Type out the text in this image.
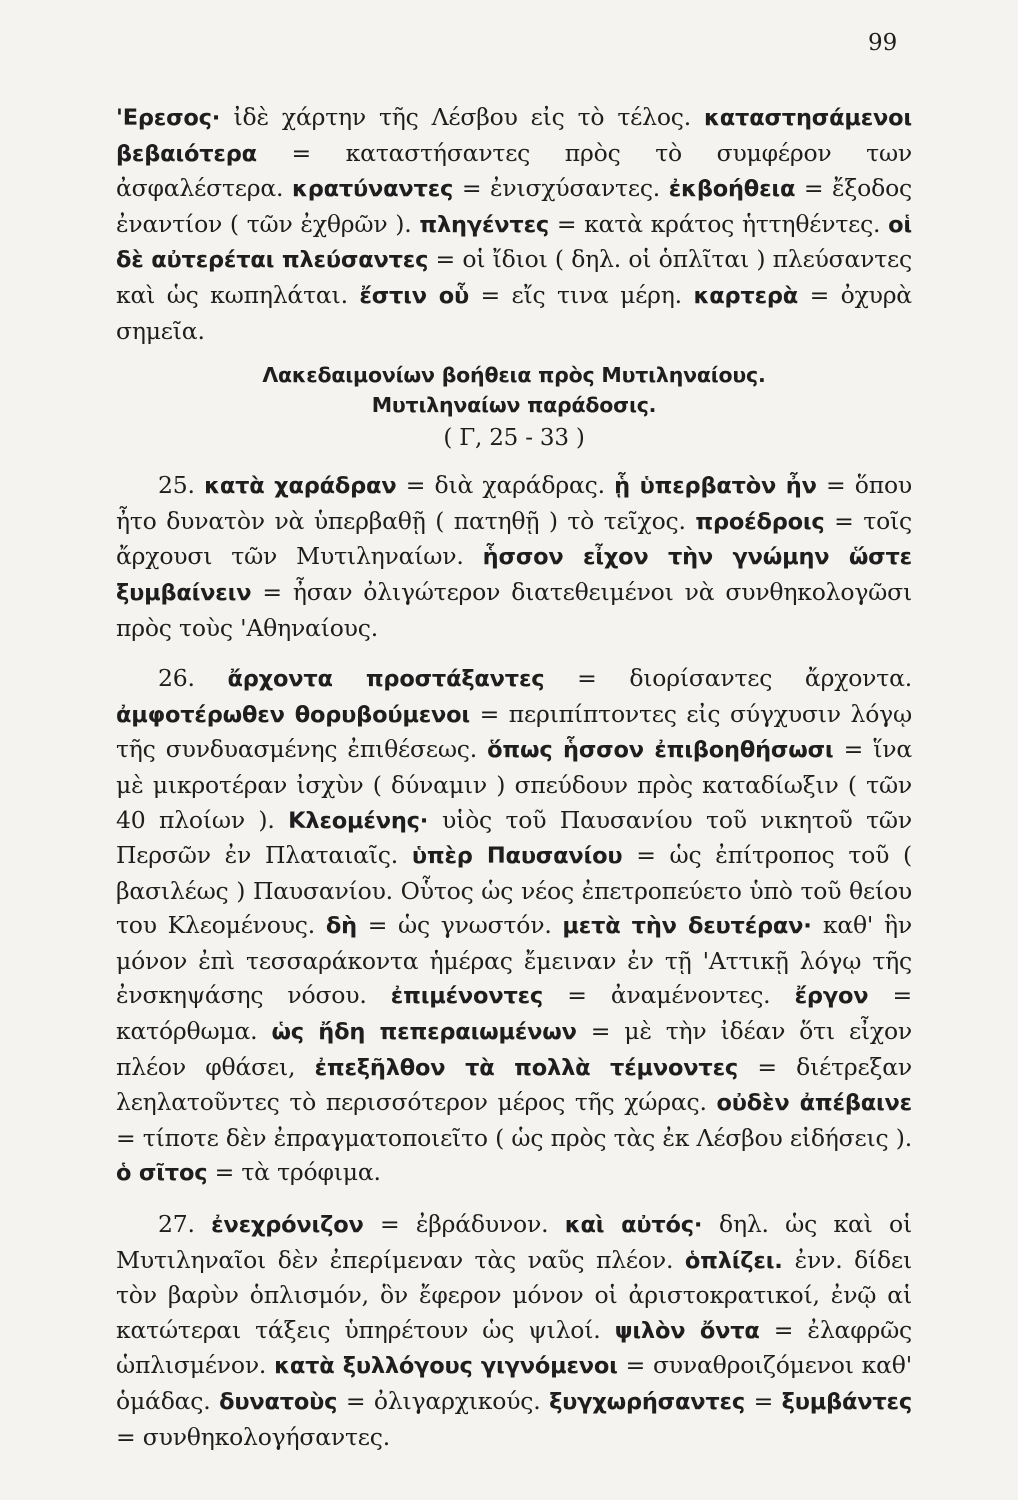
99

'Ερεσος· ἰδὲ χάρτην τῆς Λέσβου εἰς τὸ τέλος. καταστησάμενοι βεβαιότερα = καταστήσαντες πρὸς τὸ συμφέρον των ἀσφαλέστερα. κρατύναντες = ἐνισχύσαντες. ἐκβοήθεια = ἔξοδος ἐναντίον ( τῶν ἐχθρῶν ). πληγέντες = κατὰ κράτος ἡττηθέντες. οἱ δὲ αὐτερέται πλεύσαντες = οἱ ἴδιοι ( δηλ. οἱ ὁπλῖται ) πλεύσαντες καὶ ὡς κωπηλάται. ἔστιν οὗ = εἴς τινα μέρη. καρτερὰ = ὀχυρὰ σημεῖα.

Λακεδαιμονίων βοήθεια πρὸς Μυτιληναίους.
Μυτιληναίων παράδοσις.
( Γ, 25 - 33 )

25. κατὰ χαράδραν = διὰ χαράδρας. ᾗ ὑπερβατὸν ἦν = ὅπου ἦτο δυνατὸν νὰ ὑπερβαθῇ ( πατηθῇ ) τὸ τεῖχος. προέδροις = τοῖς ἄρχουσι τῶν Μυτιληναίων. ἧσσον εἶχον τὴν γνώμην ὥστε ξυμβαίνειν = ἦσαν ὀλιγώτερον διατεθειμένοι νὰ συνθηκολογῶσι πρὸς τοὺς 'Αθηναίους.

26. ἄρχοντα προστάξαντες = διορίσαντες ἄρχοντα. ἀμφοτέρωθεν θορυβούμενοι = περιπίπτοντες εἰς σύγχυσιν λόγῳ τῆς συνδυασμένης ἐπιθέσεως. ὅπως ἧσσον ἐπιβοηθήσωσι = ἵνα μὲ μικροτέραν ἰσχὺν ( δύναμιν ) σπεύδουν πρὸς καταδίωξιν ( τῶν 40 πλοίων ). Κλεομένης· υἱὸς τοῦ Παυσανίου τοῦ νικητοῦ τῶν Περσῶν ἐν Πλαταιαῖς. ὑπὲρ Παυσανίου = ὡς ἐπίτροπος τοῦ ( βασιλέως ) Παυσανίου. Οὗτος ὡς νέος ἐπετροπεύετο ὑπὸ τοῦ θείου του Κλεομένους. δὴ = ὡς γνωστόν. μετὰ τὴν δευτέραν· καθ' ἣν μόνον ἐπὶ τεσσαράκοντα ἡμέρας ἔμειναν ἐν τῇ 'Αττικῇ λόγῳ τῆς ἐνσκηψάσης νόσου. ἐπιμένοντες = ἀναμένοντες. ἔργον = κατόρθωμα. ὡς ἤδη πεπεραιωμένων = μὲ τὴν ἰδέαν ὅτι εἶχον πλέον φθάσει, ἐπεξῆλθον τὰ πολλὰ τέμνοντες = διέτρεξαν λεηλατοῦντες τὸ περισσότερον μέρος τῆς χώρας. οὐδὲν ἀπέβαινε = τίποτε δὲν ἐπραγματοποιεῖτο ( ὡς πρὸς τὰς ἐκ Λέσβου εἰδήσεις ). ὁ σῖτος = τὰ τρόφιμα.

27. ἐνεχρόνιζον = ἐβράδυνον. καὶ αὐτός· δηλ. ὡς καὶ οἱ Μυτιληναῖοι δὲν ἐπερίμεναν τὰς ναῦς πλέον. ὁπλίζει. ἐνν. δίδει τὸν βαρὺν ὁπλισμόν, ὃν ἔφερον μόνον οἱ ἀριστοκρατικοί, ἐνῷ αἱ κατώτεραι τάξεις ὑπηρέτουν ὡς ψιλοί. ψιλὸν ὄντα = ἐλαφρῶς ὡπλισμένον. κατὰ ξυλλόγους γιγνόμενοι = συναθροιζόμενοι καθ' ὁμάδας. δυνατοὺς = ὀλιγαρχικούς. ξυγχωρήσαντες = ξυμβάντες = συνθηκολογήσαντες.
